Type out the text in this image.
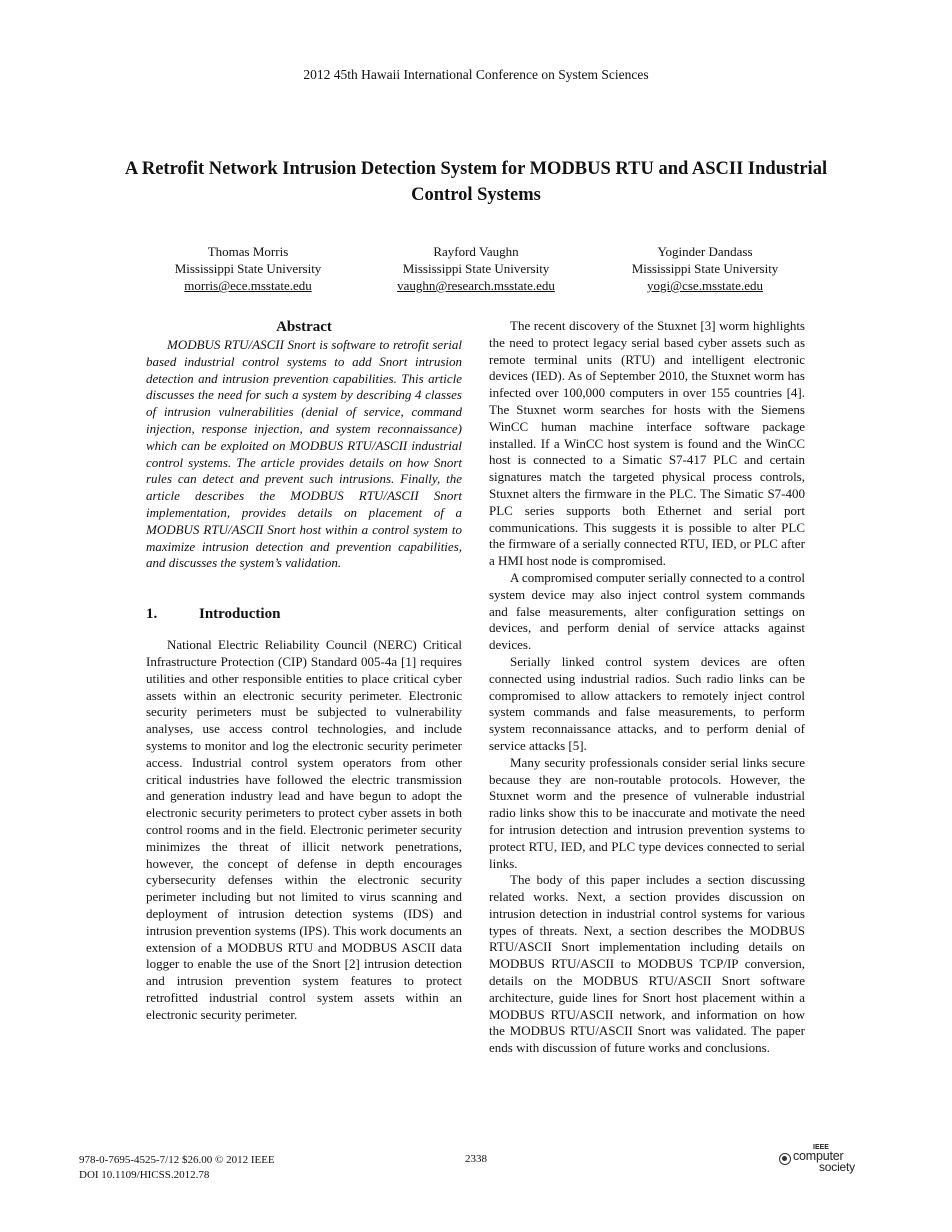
2012 45th Hawaii International Conference on System Sciences
A Retrofit Network Intrusion Detection System for MODBUS RTU and ASCII Industrial Control Systems
Thomas Morris
Mississippi State University
morris@ece.msstate.edu
Rayford Vaughn
Mississippi State University
vaughn@research.msstate.edu
Yoginder Dandass
Mississippi State University
yogi@cse.msstate.edu
Abstract

MODBUS RTU/ASCII Snort is software to retrofit serial based industrial control systems to add Snort intrusion detection and intrusion prevention capabilities. This article discusses the need for such a system by describing 4 classes of intrusion vulnerabilities (denial of service, command injection, response injection, and system reconnaissance) which can be exploited on MODBUS RTU/ASCII industrial control systems. The article provides details on how Snort rules can detect and prevent such intrusions. Finally, the article describes the MODBUS RTU/ASCII Snort implementation, provides details on placement of a MODBUS RTU/ASCII Snort host within a control system to maximize intrusion detection and prevention capabilities, and discusses the system’s validation.

1.	Introduction

National Electric Reliability Council (NERC) Critical Infrastructure Protection (CIP) Standard 005-4a [1] requires utilities and other responsible entities to place critical cyber assets within an electronic security perimeter. Electronic security perimeters must be subjected to vulnerability analyses, use access control technologies, and include systems to monitor and log the electronic security perimeter access. Industrial control system operators from other critical industries have followed the electric transmission and generation industry lead and have begun to adopt the electronic security perimeters to protect cyber assets in both control rooms and in the field. Electronic perimeter security minimizes the threat of illicit network penetrations, however, the concept of defense in depth encourages cybersecurity defenses within the electronic security perimeter including but not limited to virus scanning and deployment of intrusion detection systems (IDS) and intrusion prevention systems (IPS). This work documents an extension of a MODBUS RTU and MODBUS ASCII data logger to enable the use of the Snort [2] intrusion detection and intrusion prevention system features to protect retrofitted industrial control system assets within an electronic security perimeter.

The recent discovery of the Stuxnet [3] worm highlights the need to protect legacy serial based cyber assets such as remote terminal units (RTU) and intelligent electronic devices (IED). As of September 2010, the Stuxnet worm has infected over 100,000 computers in over 155 countries [4]. The Stuxnet worm searches for hosts with the Siemens WinCC human machine interface software package installed. If a WinCC host system is found and the WinCC host is connected to a Simatic S7-417 PLC and certain signatures match the targeted physical process controls, Stuxnet alters the firmware in the PLC. The Simatic S7-400 PLC series supports both Ethernet and serial port communications. This suggests it is possible to alter PLC the firmware of a serially connected RTU, IED, or PLC after a HMI host node is compromised.

A compromised computer serially connected to a control system device may also inject control system commands and false measurements, alter configuration settings on devices, and perform denial of service attacks against devices.

Serially linked control system devices are often connected using industrial radios. Such radio links can be compromised to allow attackers to remotely inject control system commands and false measurements, to perform system reconnaissance attacks, and to perform denial of service attacks [5].

Many security professionals consider serial links secure because they are non-routable protocols. However, the Stuxnet worm and the presence of vulnerable industrial radio links show this to be inaccurate and motivate the need for intrusion detection and intrusion prevention systems to protect RTU, IED, and PLC type devices connected to serial links.

The body of this paper includes a section discussing related works. Next, a section provides discussion on intrusion detection in industrial control systems for various types of threats. Next, a section describes the MODBUS RTU/ASCII Snort implementation including details on MODBUS RTU/ASCII to MODBUS TCP/IP conversion, details on the MODBUS RTU/ASCII Snort software architecture, guide lines for Snort host placement within a MODBUS RTU/ASCII network, and information on how the MODBUS RTU/ASCII Snort was validated. The paper ends with discussion of future works and conclusions.

978-0-7695-4525-7/12 $26.00 © 2012 IEEE
DOI 10.1109/HICSS.2012.78
2338
IEEE
computer
society
